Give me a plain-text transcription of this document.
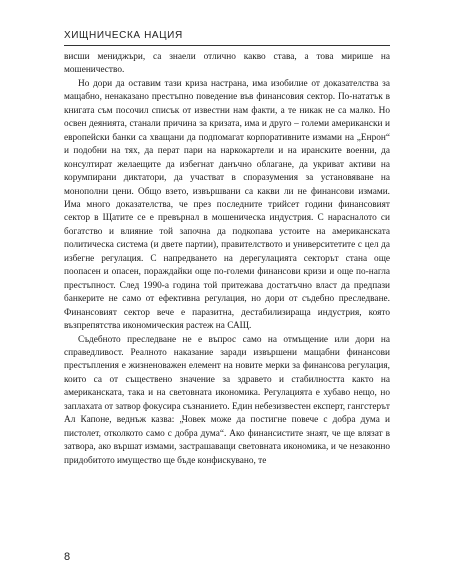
ХИЩНИЧЕСКА НАЦИЯ

висши мениджъри, са знаели отлично какво става, а това мирише на мошеничество.

Но дори да оставим тази криза настрана, има изобилие от доказателства за мащабно, ненаказано престъпно поведение във финансовия сектор. По-нататък в книгата съм посочил списък от известни нам факти, а те никак не са малко. Но освен деянията, станали причина за кризата, има и друго – големи американски и европейски банки са хващани да подпомагат корпоративните измами на „Енрон“ и подобни на тях, да перат пари на наркокартели и на иранските военни, да консултират желаещите да избегнат данъчно облагане, да укриват активи на корумпирани диктатори, да участват в споразумения за установяване на монополни цени. Общо взето, извършвани са какви ли не финансови измами. Има много доказателства, че през последните трийсет години финансовият сектор в Щатите се е превърнал в мошеническа индустрия. С нарасналото си богатство и влияние той започна да подкопава устоите на американската политическа система (и двете партии), правителството и университетите с цел да избегне регулация. С напредването на дерегулацията секторът стана още поопасен и опасен, пораждайки още по-големи финансови кризи и още по-нагла престъпност. След 1990-а година той притежава достатъчно власт да предпази банкерите не само от ефективна регулация, но дори от съдебно преследване. Финансовият сектор вече е паразитна, дестабилизираща индустрия, която възпрепятства икономическия растеж на САЩ.

Съдебното преследване не е въпрос само на отмъщение или дори на справедливост. Реалното наказание заради извършени мащабни финансови престъпления е жизненоважен елемент на новите мерки за финансова регулация, които са от съществено значение за здравето и стабилността както на американската, така и на световната икономика. Регулацията е хубаво нещо, но заплахата от затвор фокусира съзнанието. Един небезизвестен експерт, гангстерът Ал Капоне, веднъж казва: „Човек може да постигне повече с добра дума и пистолет, отколкото само с добра дума“. Ако финансистите знаят, че ще влязат в затвора, ако вършат измами, застрашаващи световната икономика, и че незаконно придобитото имущество ще бъде конфискувано, те

8
